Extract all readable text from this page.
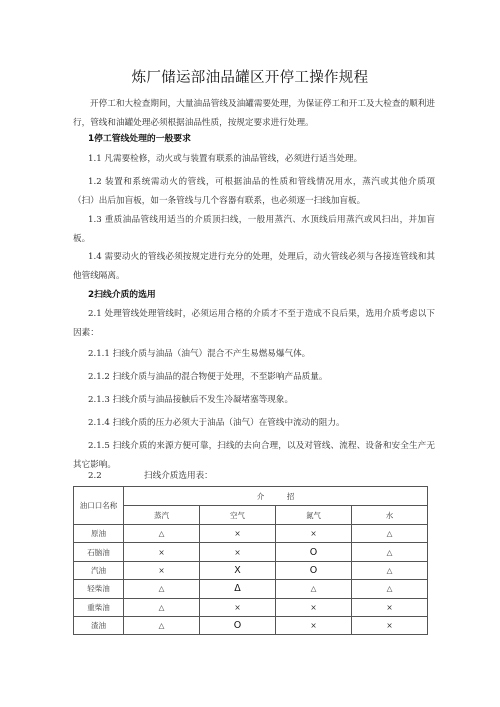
炼厂储运部油品罐区开停工操作规程
开停工和大检查期间，大量油品管线及油罐需要处理，为保证停工和开工及大检查的顺利进行，管线和油罐处理必须根据油品性质，按规定要求进行处理。
1停工管线处理的一般要求
1.1 凡需要检修，动火或与装置有联系的油品管线，必须进行适当处理。
1.2 装置和系统需动火的管线，可根据油品的性质和管线情况用水，蒸汽或其他介质项（扫）出后加盲板，如一条管线与几个容器有联系，也必须逐一扫线加盲板。
1.3 重质油品管线用适当的介质顶扫线，一般用蒸汽、水顶线后用蒸汽或风扫出，并加盲板。
1.4 需要动火的管线必须按规定进行充分的处理，处理后，动火管线必须与各接连管线和其他管线隔离。
2扫线介质的选用
2.1 处理管线处理管线时，必须运用合格的介质才不至于造成不良后果，选用介质考虑以下因素：
2.1.1 扫线介质与油品（油气）混合不产生易燃易爆气体。
2.1.2 扫线介质与油品的混合物便于处理，不至影响产品质量。
2.1.3 扫线介质与油品接触后不发生冷凝堵塞等现象。
2.1.4 扫线介质的压力必须大于油品（油气）在管线中流动的阻力。
2.1.5 扫线介质的来源方便可靠，扫线的去向合理，以及对管线、流程、设备和安全生产无其它影响。
2.2	扫线介质选用表：
油口口名称	介　　　招			
	蒸汽	空气	氮气	水
原油	△	×	×	△
石脑油	×	×	O	△
汽油	×	X	O	△
轻柴油	△	Δ	△	△
重柴油	△	×	×	×
渣油	△	O	×	×
